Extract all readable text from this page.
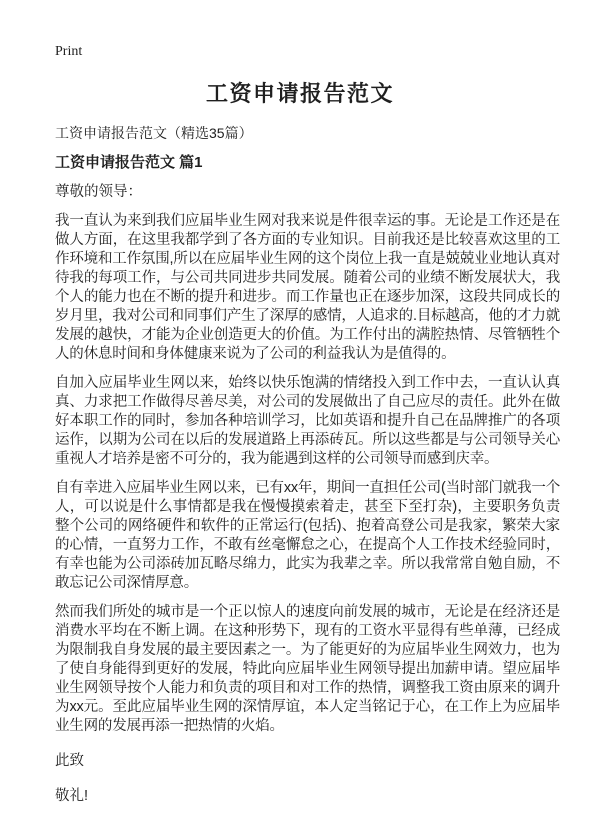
Print
工资申请报告范文

工资申请报告范文（精选35篇）

工资申请报告范文 篇1

尊敬的领导：

我一直认为来到我们应届毕业生网对我来说是件很幸运的事。无论是工作还是在做人方面，在这里我都学到了各方面的专业知识。目前我还是比较喜欢这里的工作环境和工作氛围,所以在应届毕业生网的这个岗位上我一直是兢兢业业地认真对待我的每项工作，与公司共同进步共同发展。随着公司的业绩不断发展状大，我个人的能力也在不断的提升和进步。而工作量也正在逐步加深，这段共同成长的岁月里，我对公司和同事们产生了深厚的感情，人追求的.目标越高，他的才力就发展的越快，才能为企业创造更大的价值。为工作付出的满腔热情、尽管牺牲个人的休息时间和身体健康来说为了公司的利益我认为是值得的。

自加入应届毕业生网以来，始终以快乐饱满的情绪投入到工作中去，一直认认真真、力求把工作做得尽善尽美，对公司的发展做出了自己应尽的责任。此外在做好本职工作的同时，参加各种培训学习，比如英语和提升自己在品牌推广的各项运作，以期为公司在以后的发展道路上再添砖瓦。所以这些都是与公司领导关心重视人才培养是密不可分的，我为能遇到这样的公司领导而感到庆幸。

自有幸进入应届毕业生网以来，已有xx年，期间一直担任公司(当时部门就我一个人，可以说是什么事情都是我在慢慢摸索着走，甚至下至打杂)，主要职务负责整个公司的网络硬件和软件的正常运行(包括)、抱着高登公司是我家，繁荣大家的心情，一直努力工作，不敢有丝毫懈怠之心，在提高个人工作技术经验同时，有幸也能为公司添砖加瓦略尽绵力，此实为我辈之幸。所以我常常自勉自励，不敢忘记公司深情厚意。

然而我们所处的城市是一个正以惊人的速度向前发展的城市，无论是在经济还是消费水平均在不断上调。在这种形势下，现有的工资水平显得有些单薄，已经成为限制我自身发展的最主要因素之一。为了能更好的为应届毕业生网效力，也为了使自身能得到更好的发展，特此向应届毕业生网领导提出加薪申请。望应届毕业生网领导按个人能力和负责的项目和对工作的热情，调整我工资由原来的调升为xx元。至此应届毕业生网的深情厚谊，本人定当铭记于心，在工作上为应届毕业生网的发展再添一把热情的火焰。

此致

敬礼!
